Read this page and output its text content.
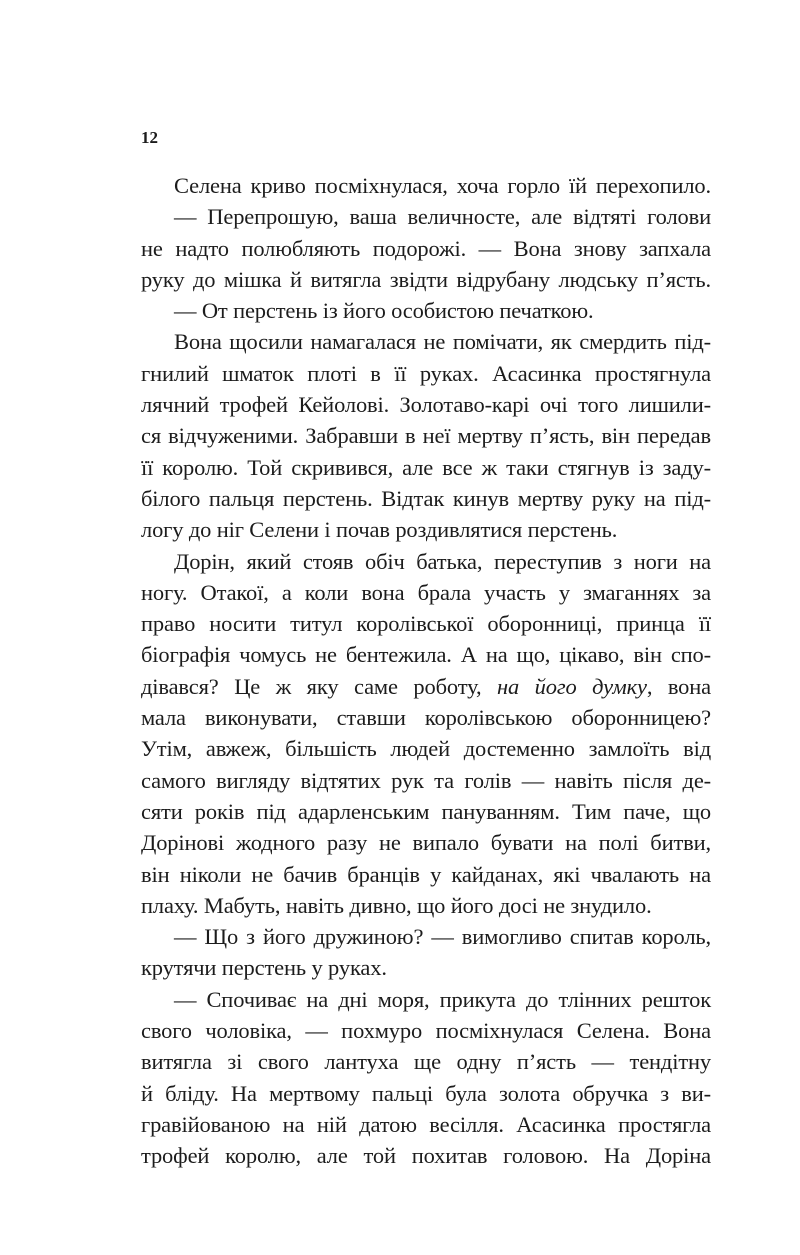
12
Селена криво посміхнулася, хоча горло їй перехопило.
— Перепрошую, ваша величносте, але відтяті голови
не надто полюбляють подорожі. — Вона знову запхала
руку до мішка й витягла звідти відрубану людську п’ясть.
— От перстень із його особистою печаткою.
Вона щосили намагалася не помічати, як смердить під-
гнилий шматок плоті в її руках. Асасинка простягнула
лячний трофей Кейоловi. Золотаво-карі очі того лишили-
ся відчуженими. Забравши в неї мертву п’ясть, він передав
її королю. Той скривився, але все ж таки стягнув із заду-
білого пальця перстень. Відтак кинув мертву руку на під-
логу до ніг Селени і почав роздивлятися перстень.
Дорін, який стояв обіч батька, переступив з ноги на
ногу. Отакої, а коли вона брала участь у змаганнях за
право носити титул королівської оборонниці, принца її
біографія чомусь не бентежила. А на що, цікаво, він спо-
дівався? Це ж яку саме роботу, на його думку, вона
мала виконувати, ставши королівською оборонницею?
Утім, авжеж, більшість людей достеменно замлоїть від
самого вигляду відтятих рук та голів — навіть після де-
сяти років під адарленським пануванням. Тим паче, що
Дорінові жодного разу не випало бувати на полі битви,
він ніколи не бачив бранців у кайданах, які чвалають на
плаху. Мабуть, навіть дивно, що його досі не знудило.
— Що з його дружиною? — вимогливо спитав король,
крутячи перстень у руках.
— Спочиває на дні моря, прикута до тлінних решток
свого чоловіка, — похмуро посміхнулася Селена. Вона
витягла зі свого лантуха ще одну п’ясть — тендітну
й бліду. На мертвому пальці була золота обручка з ви-
гравійованою на ній датою весілля. Асасинка простягла
трофей королю, але той похитав головою. На Доріна
